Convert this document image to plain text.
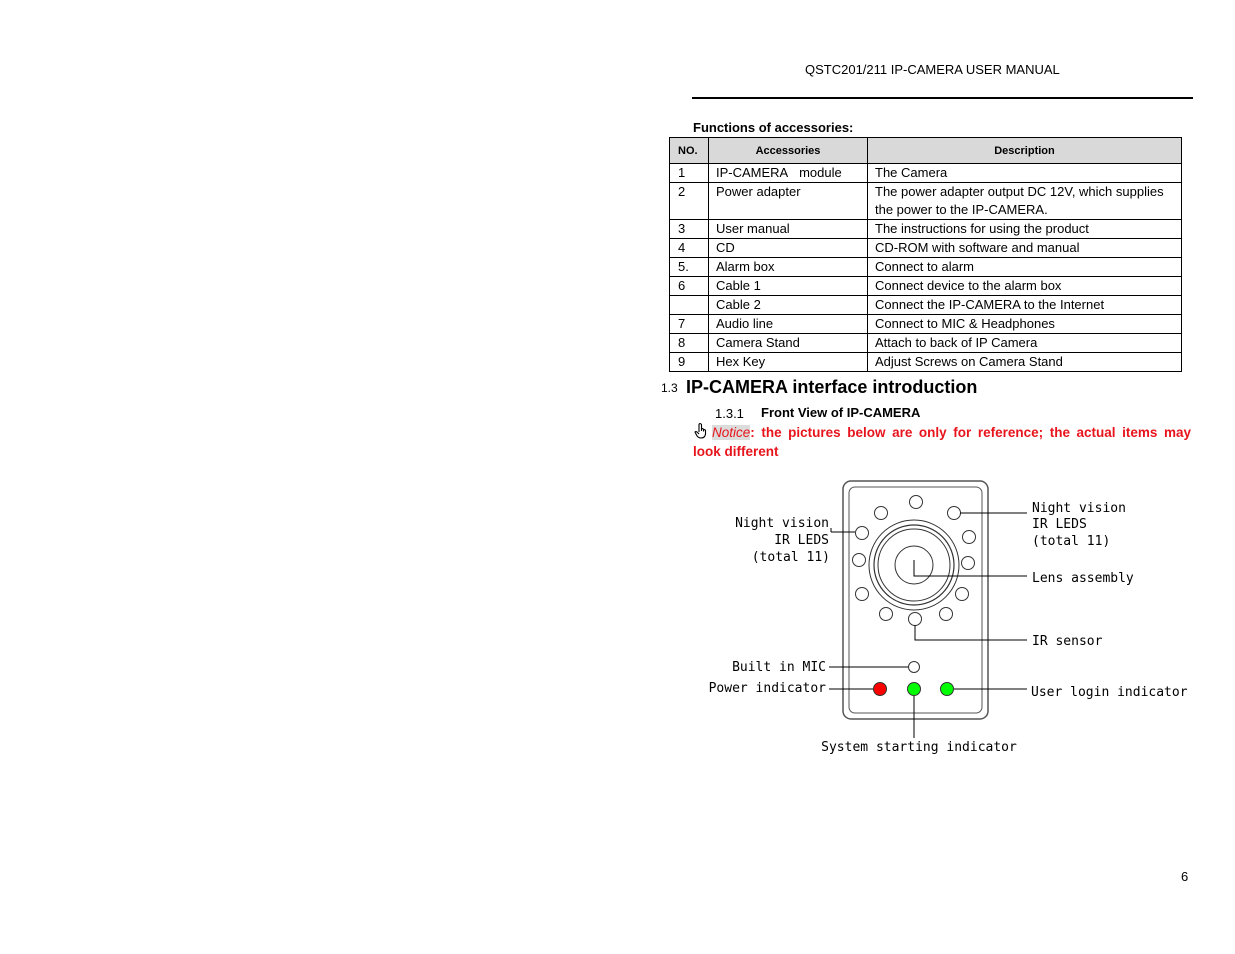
QSTC201/211 IP-CAMERA USER MANUAL
Functions of accessories:
NO.	Accessories	Description
1	IP-CAMERA   module	The Camera
2	Power adapter	The power adapter output DC 12V, which supplies the power to the IP-CAMERA.
3	User manual	The instructions for using the product
4	CD	CD-ROM with software and manual
5.	Alarm box	Connect to alarm
6	Cable 1	Connect device to the alarm box
	Cable 2	Connect the IP-CAMERA to the Internet
7	Audio line	Connect to MIC & Headphones
8	Camera Stand	Attach to back of IP Camera
9	Hex Key	Adjust Screws on Camera Stand
1.3 IP-CAMERA interface introduction
1.3.1 Front View of IP-CAMERA
Notice: the pictures below are only for reference; the actual items may look different
Night vision
IR LEDS
(total 11)
Night vision
IR LEDS
(total 11)
Lens assembly
IR sensor
Built in MIC
Power indicator	User login indicator
System starting indicator
6
